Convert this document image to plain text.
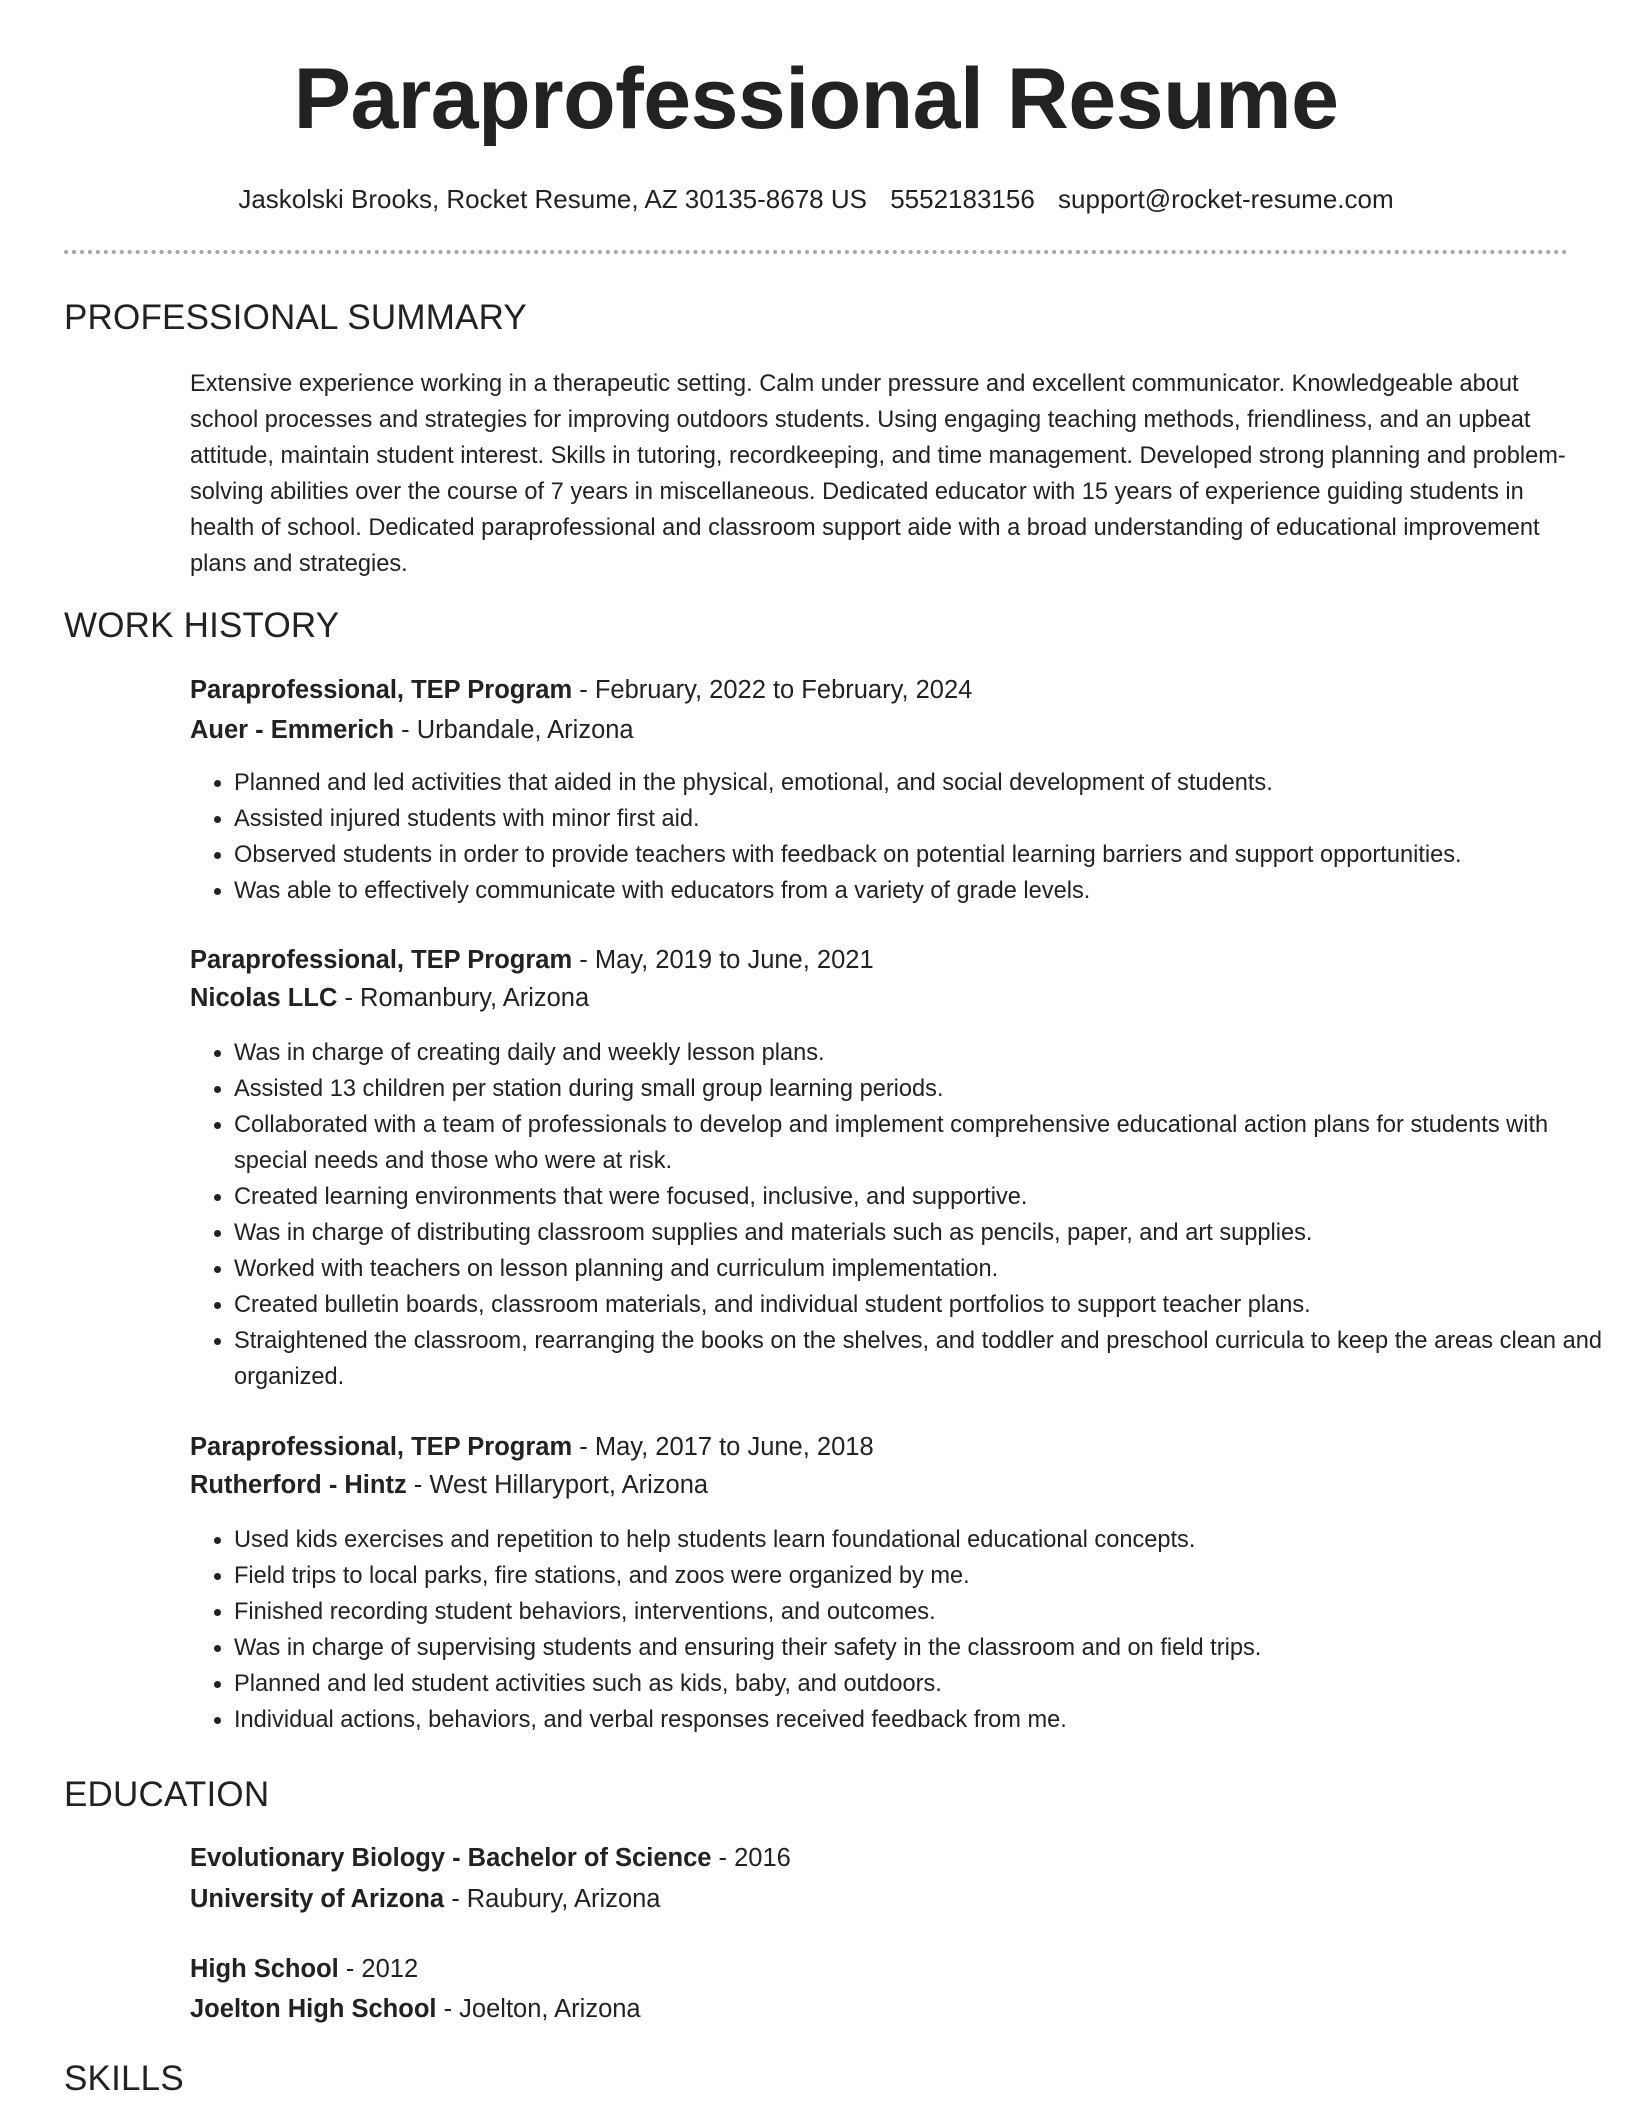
Paraprofessional Resume
Jaskolski Brooks, Rocket Resume, AZ 30135-8678 US 5552183156 support@rocket-resume.com
PROFESSIONAL SUMMARY

Extensive experience working in a therapeutic setting. Calm under pressure and excellent communicator. Knowledgeable about school processes and strategies for improving outdoors students. Using engaging teaching methods, friendliness, and an upbeat attitude, maintain student interest. Skills in tutoring, recordkeeping, and time management. Developed strong planning and problem-solving abilities over the course of 7 years in miscellaneous. Dedicated educator with 15 years of experience guiding students in health of school. Dedicated paraprofessional and classroom support aide with a broad understanding of educational improvement plans and strategies.

WORK HISTORY
Paraprofessional, TEP Program - February, 2022 to February, 2024
Auer - Emmerich - Urbandale, Arizona
• Planned and led activities that aided in the physical, emotional, and social development of students.
• Assisted injured students with minor first aid.
• Observed students in order to provide teachers with feedback on potential learning barriers and support opportunities.
• Was able to effectively communicate with educators from a variety of grade levels.
Paraprofessional, TEP Program - May, 2019 to June, 2021
Nicolas LLC - Romanbury, Arizona
• Was in charge of creating daily and weekly lesson plans.
• Assisted 13 children per station during small group learning periods.
• Collaborated with a team of professionals to develop and implement comprehensive educational action plans for students with special needs and those who were at risk.
• Created learning environments that were focused, inclusive, and supportive.
• Was in charge of distributing classroom supplies and materials such as pencils, paper, and art supplies.
• Worked with teachers on lesson planning and curriculum implementation.
• Created bulletin boards, classroom materials, and individual student portfolios to support teacher plans.
• Straightened the classroom, rearranging the books on the shelves, and toddler and preschool curricula to keep the areas clean and organized.
Paraprofessional, TEP Program - May, 2017 to June, 2018
Rutherford - Hintz - West Hillaryport, Arizona
• Used kids exercises and repetition to help students learn foundational educational concepts.
• Field trips to local parks, fire stations, and zoos were organized by me.
• Finished recording student behaviors, interventions, and outcomes.
• Was in charge of supervising students and ensuring their safety in the classroom and on field trips.
• Planned and led student activities such as kids, baby, and outdoors.
• Individual actions, behaviors, and verbal responses received feedback from me.
EDUCATION
Evolutionary Biology - Bachelor of Science - 2016
University of Arizona - Raubury, Arizona
High School - 2012
Joelton High School - Joelton, Arizona
SKILLS
